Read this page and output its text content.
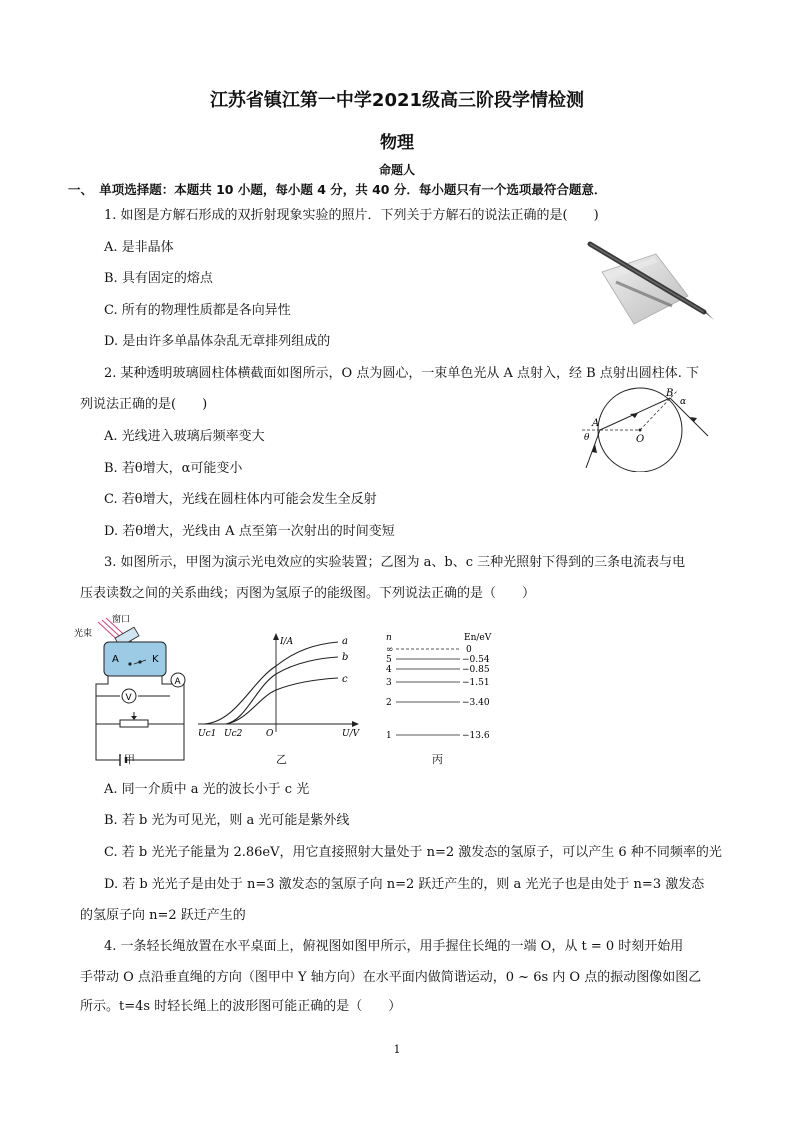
江苏省镇江第一中学2021级高三阶段学情检测
物理
命题人
一、　单项选择题：本题共 10 小题，每小题 4 分，共 40 分．每小题只有一个选项最符合题意．
1. 如图是方解石形成的双折射现象实验的照片．下列关于方解石的说法正确的是(　　)
A. 是非晶体
B. 具有固定的熔点
C. 所有的物理性质都是各向异性
D. 是由许多单晶体杂乱无章排列组成的
2. 某种透明玻璃圆柱体横截面如图所示，O 点为圆心，一束单色光从 A 点射入，经 B 点射出圆柱体. 下
列说法正确的是(　　)
A. 光线进入玻璃后频率变大
B. 若θ增大，α可能变小
C. 若θ增大，光线在圆柱体内可能会发生全反射
D. 若θ增大，光线由 A 点至第一次射出的时间变短
A
B
O
θ
α
3. 如图所示，甲图为演示光电效应的实验装置；乙图为 a、b、c 三种光照射下得到的三条电流表与电
压表读数之间的关系曲线；丙图为氢原子的能级图。下列说法正确的是（　　）
窗口
光束
A	K
V
A
甲
I/A
U/V
O
Uc1 Uc2
a
b
c
乙
n	En/eV
∞	0
5	−0.54
4	−0.85
3	−1.51
2	−3.40
1	−13.6
丙
A. 同一介质中 a 光的波长小于 c 光
B. 若 b 光为可见光，则 a 光可能是紫外线
C. 若 b 光光子能量为 2.86eV，用它直接照射大量处于 n=2 激发态的氢原子，可以产生 6 种不同频率的光
D. 若 b 光光子是由处于 n=3 激发态的氢原子向 n=2 跃迁产生的，则 a 光光子也是由处于 n=3 激发态
的氢原子向 n=2 跃迁产生的
4. 一条轻长绳放置在水平桌面上，俯视图如图甲所示，用手握住长绳的一端 O，从 t = 0 时刻开始用
手带动 O 点沿垂直绳的方向（图甲中 Y 轴方向）在水平面内做简谐运动，0 ~ 6s 内 O 点的振动图像如图乙
所示。t=4s 时轻长绳上的波形图可能正确的是（　　）
1
